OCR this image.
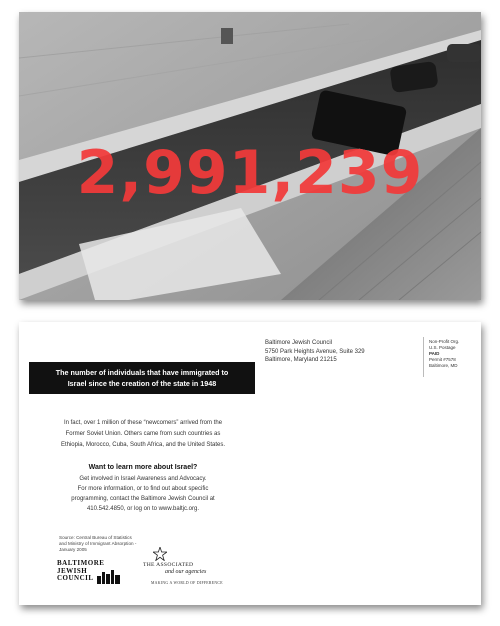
2,991,239
Baltimore Jewish Council
5750 Park Heights Avenue, Suite 329
Baltimore, Maryland 21215
Non-Profit Org.
U.S. Postage
PAID
Permit #7578
Baltimore, MD
The number of individuals that have immigrated to
Israel since the creation of the state in 1948
In fact, over 1 million of these “newcomers” arrived from the
Former Soviet Union. Others came from such countries as
Ethiopia, Morocco, Cuba, South Africa, and the United States.
Want to learn more about Israel?
Get involved in Israel Awareness and Advocacy.
For more information, or to find out about specific
programming, contact the Baltimore Jewish Council at
410.542.4850, or log on to www.baltjc.org.
Source: Central Bureau of Statistics
and Ministry of Immigrant Absorption -
January 2005
BALTIMORE
JEWISH
COUNCIL
THE ASSOCIATED
and our agencies
MAKING A WORLD OF DIFFERENCE
